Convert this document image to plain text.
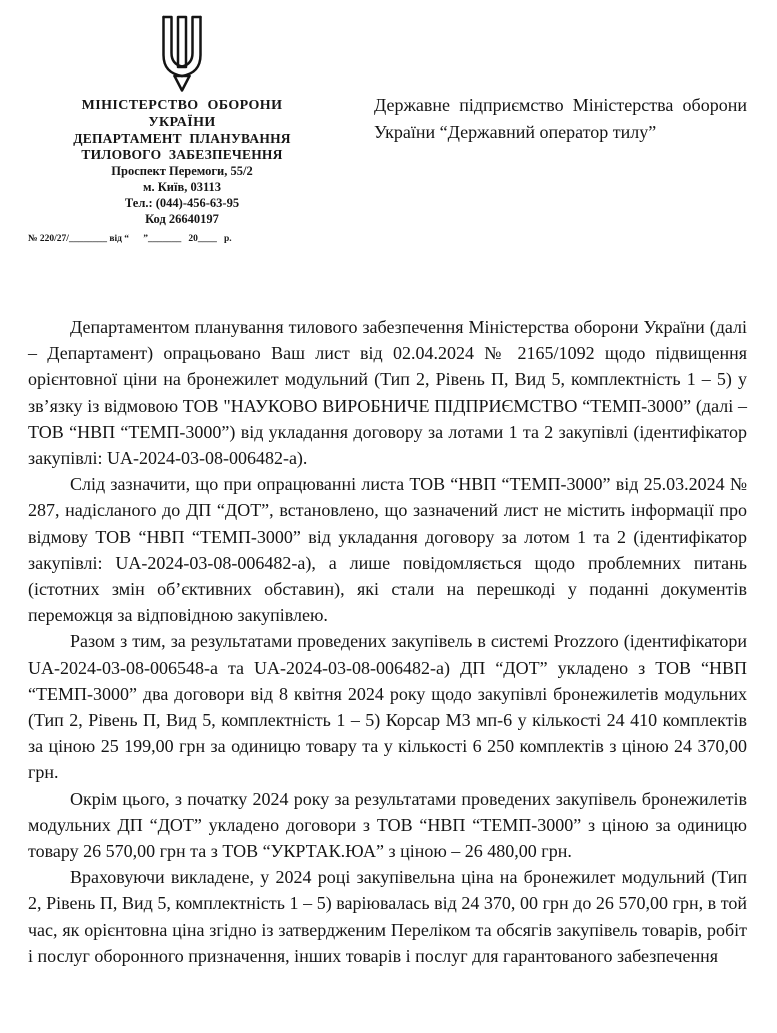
МІНІСТЕРСТВО ОБОРОНИ
УКРАЇНИ
ДЕПАРТАМЕНТ ПЛАНУВАННЯ
ТИЛОВОГО ЗАБЕЗПЕЧЕННЯ
Проспект Перемоги, 55/2
м. Київ, 03113
Тел.: (044)-456-63-95
Код 26640197
№ 220/27/________ від “      ”_______   20____   р.
Державне підприємство Міністерства оборони України “Державний оператор тилу”

Департаментом планування тилового забезпечення Міністерства оборони України (далі – Департамент) опрацьовано Ваш лист від 02.04.2024 № 2165/1092 щодо підвищення орієнтовної ціни на бронежилет модульний (Тип 2, Рівень П, Вид 5, комплектність 1 – 5) у зв’язку із відмовою ТОВ "НАУКОВО ВИРОБНИЧЕ ПІДПРИЄМСТВО “ТЕМП-3000” (далі – ТОВ “НВП “ТЕМП-3000”) від укладання договору за лотами 1 та 2 закупівлі (ідентифікатор закупівлі: UA-2024-03-08-006482-а).

Слід зазначити, що при опрацюванні листа ТОВ “НВП “ТЕМП-3000” від 25.03.2024 № 287, надісланого до ДП “ДОТ”, встановлено, що зазначений лист не містить інформації про відмову ТОВ “НВП “ТЕМП-3000” від укладання договору за лотом 1 та 2 (ідентифікатор закупівлі: UA-2024-03-08-006482-а), а лише повідомляється щодо проблемних питань (істотних змін об’єктивних обставин), які стали на перешкоді у поданні документів переможця за відповідною закупівлею.

Разом з тим, за результатами проведених закупівель в системі Prozzoro (ідентифікатори UA-2024-03-08-006548-а та UA-2024-03-08-006482-а) ДП “ДОТ” укладено з ТОВ “НВП “ТЕМП-3000” два договори від 8 квітня 2024 року щодо закупівлі бронежилетів модульних (Тип 2, Рівень П, Вид 5, комплектність 1 – 5) Корсар М3 мп-6 у кількості 24 410 комплектів за ціною 25 199,00 грн за одиницю товару та у кількості 6 250 комплектів з ціною 24 370,00 грн.

Окрім цього, з початку 2024 року за результатами проведених закупівель бронежилетів модульних ДП “ДОТ” укладено договори з ТОВ “НВП “ТЕМП-3000” з ціною за одиницю товару 26 570,00 грн та з ТОВ “УКРТАК.ЮА” з ціною – 26 480,00 грн.

Враховуючи викладене, у 2024 році закупівельна ціна на бронежилет модульний (Тип 2, Рівень П, Вид 5, комплектність 1 – 5) варіювалась від 24 370, 00 грн до 26 570,00 грн, в той час, як орієнтовна ціна згідно із затвердженим Переліком та обсягів закупівель товарів, робіт і послуг оборонного призначення, інших товарів і послуг для гарантованого забезпечення
